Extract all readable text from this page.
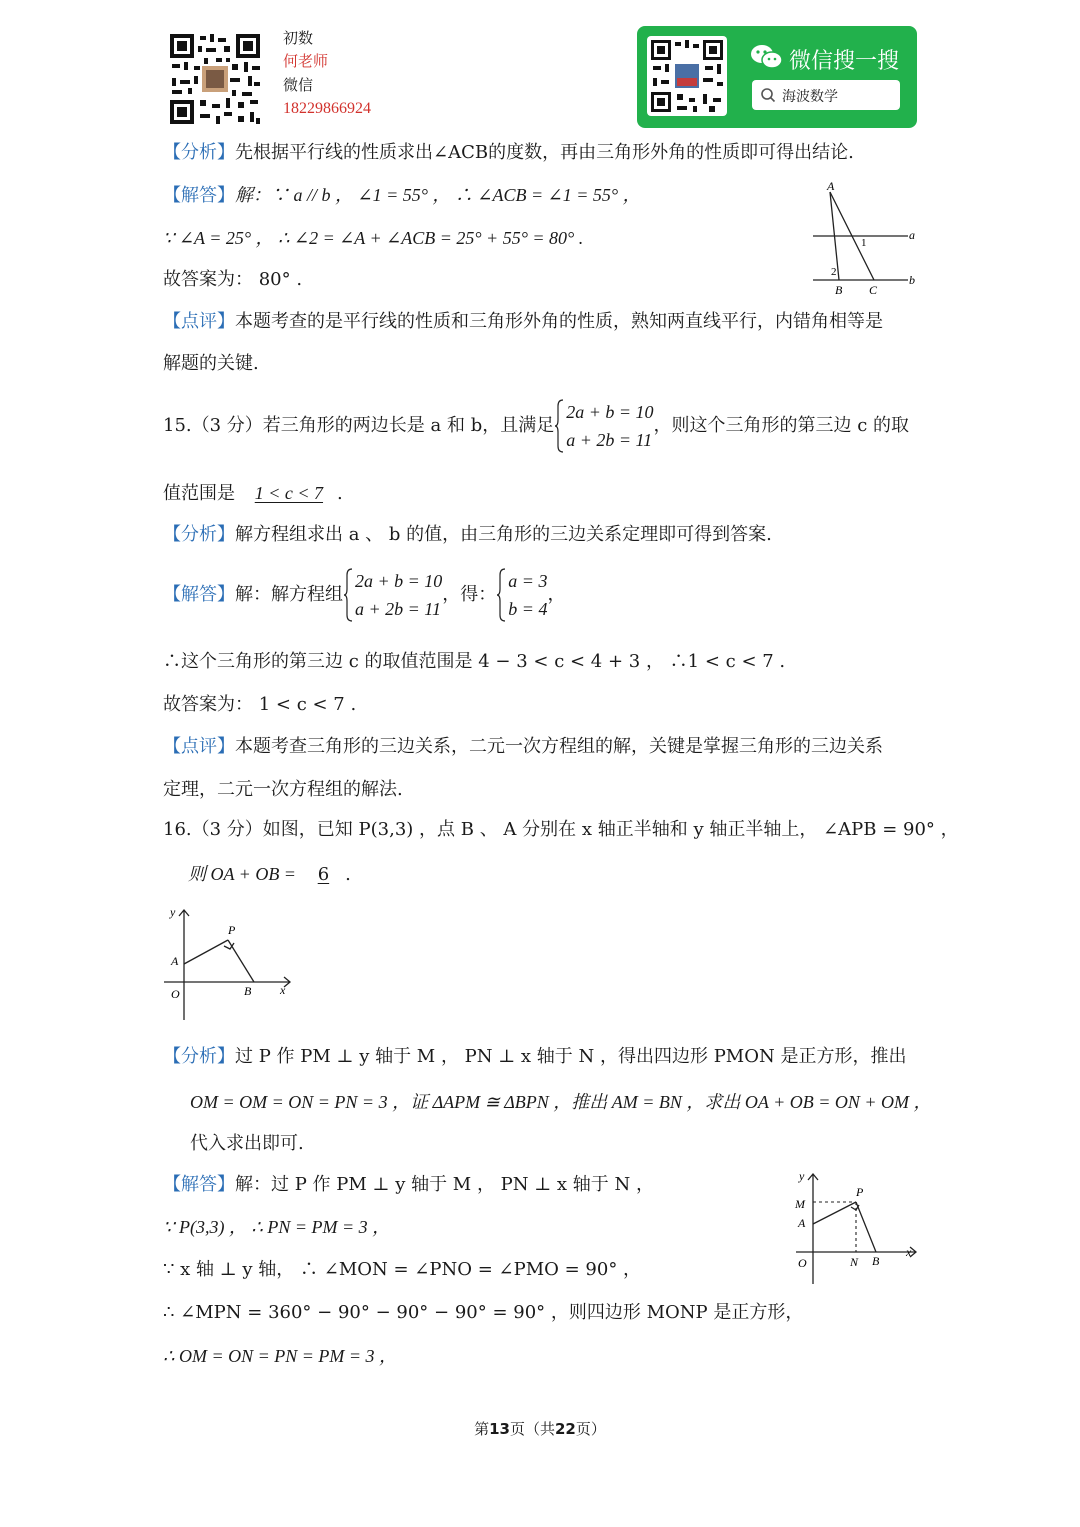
初数
何老师
微信
18229866924
微信搜一搜
海波数学
【分析】先根据平行线的性质求出∠ACB的度数，再由三角形外角的性质即可得出结论.
【解答】解：∵ a // b ， ∠1 = 55° ， ∴ ∠ACB = ∠1 = 55° ，
∵ ∠A = 25° ， ∴ ∠2 = ∠A + ∠ACB = 25° + 55° = 80° .
故答案为： 80° .
A
a
b
1
2
B C
【点评】本题考查的是平行线的性质和三角形外角的性质，熟知两直线平行，内错角相等是
解题的关键.
15.（3 分）若三角形的两边长是 a 和 b，且满足
2a + b = 10
a + 2b = 11
，则这个三角形的第三边 c 的取
值范围是 1 < c < 7 .
【分析】解方程组求出 a 、 b 的值，由三角形的三边关系定理即可得到答案.
【解答】解：解方程组
2a + b = 10
a + 2b = 11
，得：
a = 3
b = 4
，
∴这个三角形的第三边 c 的取值范围是 4 − 3 < c < 4 + 3 ， ∴1 < c < 7 .
故答案为： 1 < c < 7 .
【点评】本题考查三角形的三边关系，二元一次方程组的解，关键是掌握三角形的三边关系
定理，二元一次方程组的解法.
16.（3 分）如图，已知 P(3,3) ，点 B 、 A 分别在 x 轴正半轴和 y 轴正半轴上， ∠APB = 90° ，
则 OA + OB = 6 .
y
x
P
A
O	B
【分析】过 P 作 PM ⊥ y 轴于 M ， PN ⊥ x 轴于 N ，得出四边形 PMON 是正方形，推出
OM = OM = ON = PN = 3 ，证 ΔAPM ≅ ΔBPN ，推出 AM = BN ，求出 OA + OB = ON + OM ，
代入求出即可.
【解答】解：过 P 作 PM ⊥ y 轴于 M ， PN ⊥ x 轴于 N ，
∵ P(3,3) ， ∴ PN = PM = 3 ，
∵ x 轴 ⊥ y 轴， ∴ ∠MON = ∠PNO = ∠PMO = 90° ，
∴ ∠MPN = 360° − 90° − 90° − 90° = 90° ，则四边形 MONP 是正方形，
∴ OM = ON = PN = PM = 3 ，
y
x
P
M
A
O	N B
第13页（共22页）
